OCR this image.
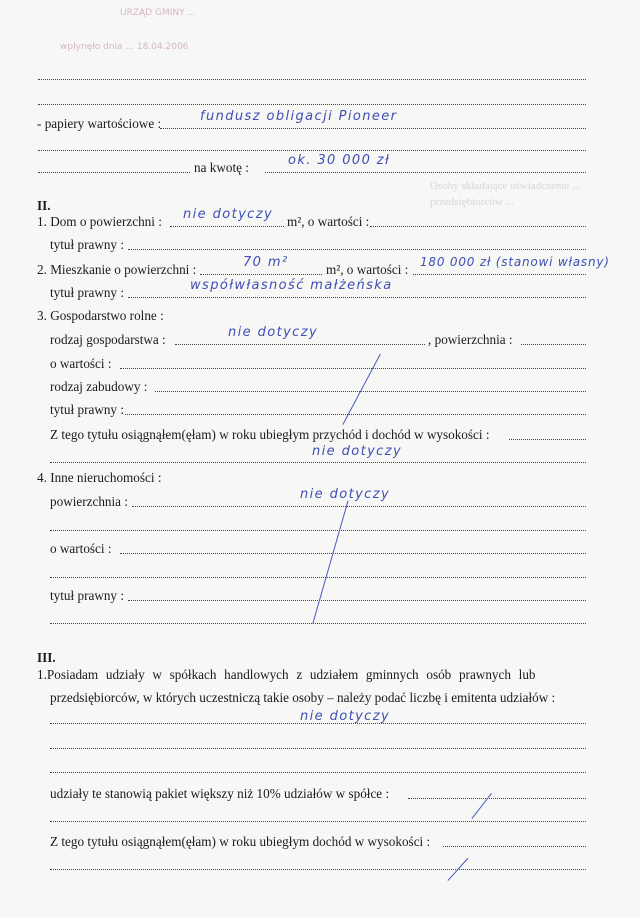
URZĄD GMINY ...
wpłynęło dnia ... 18.04.2006
Osoby składające oświadczenie ...
przedsiębiorców ...
- papiery wartościowe :	fundusz obligacji Pioneer
na kwotę :	ok. 30 000 zł
II.
1. Dom o powierzchni : nie dotyczy m², o wartości :
tytuł prawny :
2. Mieszkanie o powierzchni :	70 m²	m², o wartości : 180 000 zł (stanowi własny)
tytuł prawny :	współwłasność małżeńska
3. Gospodarstwo rolne :
rodzaj gospodarstwa :	nie dotyczy	, powierzchnia :
o wartości :
rodzaj zabudowy :
tytuł prawny :
Z tego tytułu osiągnąłem(ęłam) w roku ubiegłym przychód i dochód w wysokości :
nie dotyczy
4. Inne nieruchomości :
powierzchnia :	nie dotyczy
o wartości :
tytuł prawny :
III.
1.Posiadam udziały w spółkach handlowych z udziałem gminnych osób prawnych lub
przedsiębiorców, w których uczestniczą takie osoby – należy podać liczbę i emitenta udziałów :
nie dotyczy
udziały te stanowią pakiet większy niż 10% udziałów w spółce :
Z tego tytułu osiągnąłem(ęłam) w roku ubiegłym dochód w wysokości :
